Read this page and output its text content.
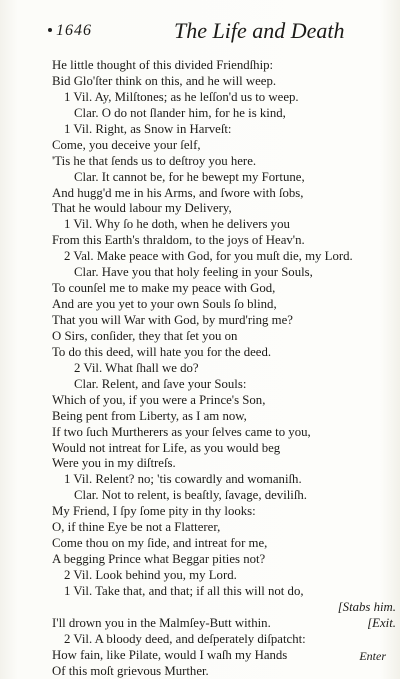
1646	The Life and Death
He little thought of this divided Friendſhip:
Bid Glo'ſter think on this, and he will weep.
1 Vil. Ay, Milſtones; as he leſſon'd us to weep.
Clar. O do not ſlander him, for he is kind,
1 Vil. Right, as Snow in Harveſt:
Come, you deceive your ſelf,
'Tis he that ſends us to deſtroy you here.
Clar. It cannot be, for he bewept my Fortune,
And hugg'd me in his Arms, and ſwore with ſobs,
That he would labour my Delivery,
1 Vil. Why ſo he doth, when he delivers you
From this Earth's thraldom, to the joys of Heav'n.
2 Val. Make peace with God, for you muſt die, my Lord.
Clar. Have you that holy feeling in your Souls,
To counſel me to make my peace with God,
And are you yet to your own Souls ſo blind,
That you will War with God, by murd'ring me?
O Sirs, conſider, they that ſet you on
To do this deed, will hate you for the deed.
2 Vil. What ſhall we do?
Clar. Relent, and ſave your Souls:
Which of you, if you were a Prince's Son,
Being pent from Liberty, as I am now,
If two ſuch Murtherers as your ſelves came to you,
Would not intreat for Life, as you would beg
Were you in my diſtreſs.
1 Vil. Relent? no; 'tis cowardly and womaniſh.
Clar. Not to relent, is beaſtly, ſavage, deviliſh.
My Friend, I ſpy ſome pity in thy looks:
O, if thine Eye be not a Flatterer,
Come thou on my ſide, and intreat for me,
A begging Prince what Beggar pities not?
2 Vil. Look behind you, my Lord.
1 Vil. Take that, and that; if all this will not do,
[Stabs him.
I'll drown you in the Malmſey-Butt within.	[Exit.
2 Vil. A bloody deed, and deſperately diſpatcht:
How fain, like Pilate, would I waſh my Hands
Of this moſt grievous Murther.
Enter
